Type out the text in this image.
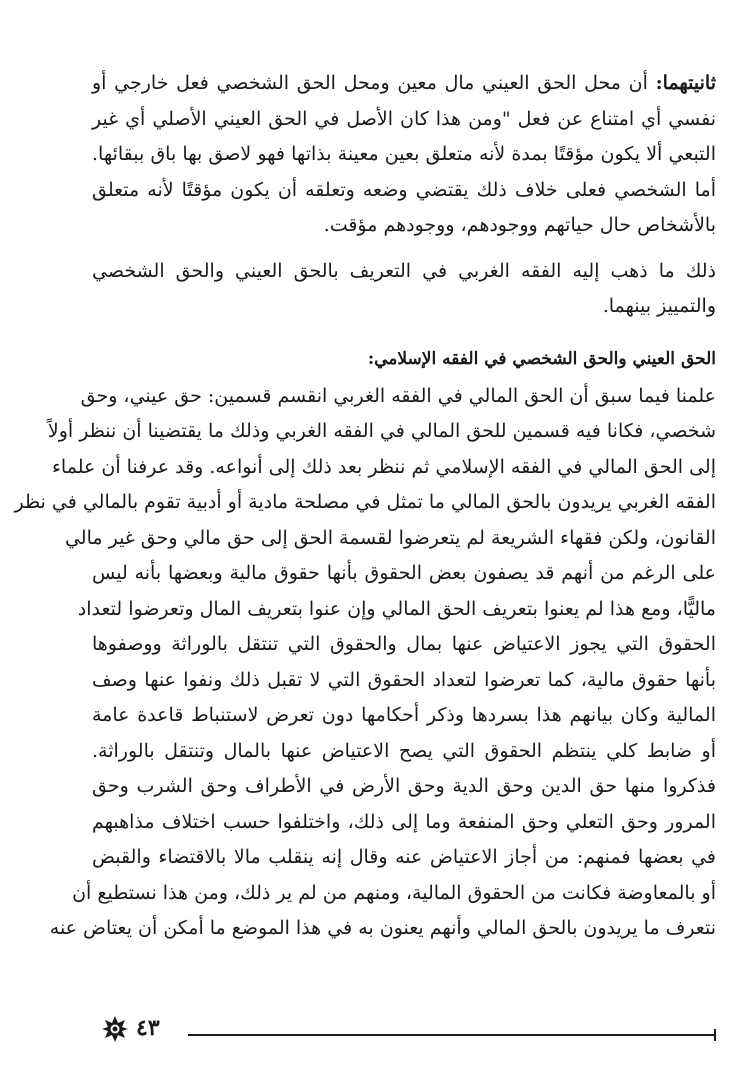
ثانيتهما: أن محل الحق العيني مال معين ومحل الحق الشخصي فعل خارجي أو
نفسي أي امتناع عن فعل "ومن هذا كان الأصل في الحق العيني الأصلي أي غير
التبعي ألا يكون مؤقتًا بمدة لأنه متعلق بعين معينة بذاتها فهو لاصق بها باق ببقائها.
أما الشخصي فعلى خلاف ذلك يقتضي وضعه وتعلقه أن يكون مؤقتًا لأنه متعلق
بالأشخاص حال حياتهم ووجودهم، ووجودهم مؤقت.
ذلك ما ذهب إليه الفقه الغربي في التعريف بالحق العيني والحق الشخصي
والتمييز بينهما.
الحق العيني والحق الشخصي في الفقه الإسلامي:
علمنا فيما سبق أن الحق المالي في الفقه الغربي انقسم قسمين: حق عيني، وحق
شخصي، فكانا فيه قسمين للحق المالي في الفقه الغربي وذلك ما يقتضينا أن ننظر أولاً
إلى الحق المالي في الفقه الإسلامي ثم ننظر بعد ذلك إلى أنواعه. وقد عرفنا أن علماء
الفقه الغربي يريدون بالحق المالي ما تمثل في مصلحة مادية أو أدبية تقوم بالمالي في نظر
القانون، ولكن فقهاء الشريعة لم يتعرضوا لقسمة الحق إلى حق مالي وحق غير مالي
على الرغم من أنهم قد يصفون بعض الحقوق بأنها حقوق مالية وبعضها بأنه ليس
ماليًّا، ومع هذا لم يعنوا بتعريف الحق المالي وإن عنوا بتعريف المال وتعرضوا لتعداد
الحقوق التي يجوز الاعتياض عنها بمال والحقوق التي تنتقل بالوراثة ووصفوها
بأنها حقوق مالية، كما تعرضوا لتعداد الحقوق التي لا تقبل ذلك ونفوا عنها وصف
المالية وكان بيانهم هذا بسردها وذكر أحكامها دون تعرض لاستنباط قاعدة عامة
أو ضابط كلي ينتظم الحقوق التي يصح الاعتياض عنها بالمال وتنتقل بالوراثة.
فذكروا منها حق الدين وحق الدية وحق الأرض في الأطراف وحق الشرب وحق
المرور وحق التعلي وحق المنفعة وما إلى ذلك، واختلفوا حسب اختلاف مذاهبهم
في بعضها فمنهم: من أجاز الاعتياض عنه وقال إنه ينقلب مالا بالاقتضاء والقبض
أو بالمعاوضة فكانت من الحقوق المالية، ومنهم من لم ير ذلك، ومن هذا نستطيع أن
نتعرف ما يريدون بالحق المالي وأنهم يعنون به في هذا الموضع ما أمكن أن يعتاض عنه
٤٣
